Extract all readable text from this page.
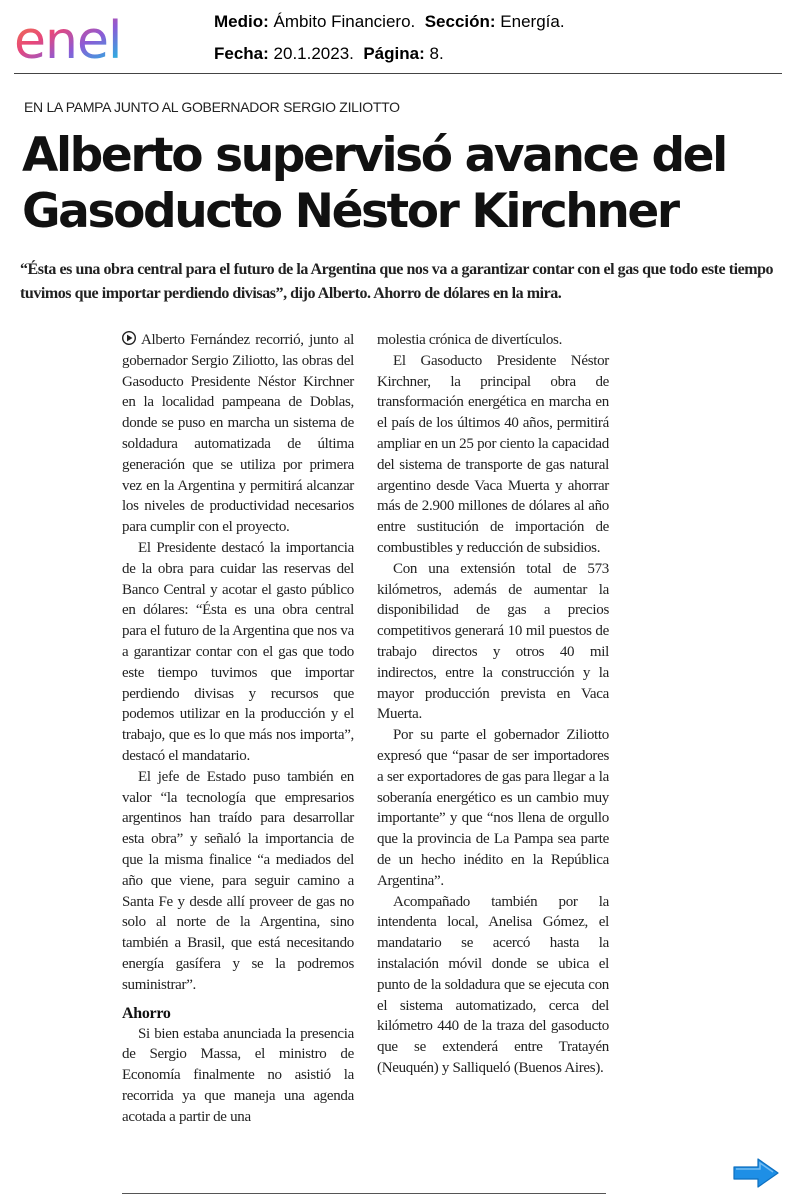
enel	Medio: Ámbito Financiero. Sección: Energía.
Fecha: 20.1.2023. Página: 8.
EN LA PAMPA JUNTO AL GOBERNADOR SERGIO ZILIOTTO
Alberto supervisó avance del
Gasoducto Néstor Kirchner

“Ésta es una obra central para el futuro de la Argentina que nos va a garantizar contar con el gas que todo este tiempo tuvimos que importar perdiendo divisas”, dijo Alberto. Ahorro de dólares en la mira.

Alberto Fernández recorrió, junto al gobernador Sergio Ziliotto, las obras del Gasoducto Presidente Néstor Kirchner en la localidad pampeana de Doblas, donde se puso en marcha un sistema de soldadura automatizada de última generación que se utiliza por primera vez en la Argentina y permitirá alcanzar los niveles de productividad necesarios para cumplir con el proyecto.

El Presidente destacó la importancia de la obra para cuidar las reservas del Banco Central y acotar el gasto público en dólares: “Ésta es una obra central para el futuro de la Argentina que nos va a garantizar contar con el gas que todo este tiempo tuvimos que importar perdiendo divisas y recursos que podemos utilizar en la producción y el trabajo, que es lo que más nos importa”, destacó el mandatario.

El jefe de Estado puso también en valor “la tecnología que empresarios argentinos han traído para desarrollar esta obra” y señaló la importancia de que la misma finalice “a mediados del año que viene, para seguir camino a Santa Fe y desde allí proveer de gas no solo al norte de la Argentina, sino también a Brasil, que está necesitando energía gasífera y se la podremos suministrar”.

Ahorro

Si bien estaba anunciada la presencia de Sergio Massa, el ministro de Economía finalmente no asistió la recorrida ya que maneja una agenda acotada a partir de una

molestia crónica de divertículos.

El Gasoducto Presidente Néstor Kirchner, la principal obra de transformación energética en marcha en el país de los últimos 40 años, permitirá ampliar en un 25 por ciento la capacidad del sistema de transporte de gas natural argentino desde Vaca Muerta y ahorrar más de 2.900 millones de dólares al año entre sustitución de importación de combustibles y reducción de subsidios.

Con una extensión total de 573 kilómetros, además de aumentar la disponibilidad de gas a precios competitivos generará 10 mil puestos de trabajo directos y otros 40 mil indirectos, entre la construcción y la mayor producción prevista en Vaca Muerta.

Por su parte el gobernador Ziliotto expresó que “pasar de ser importadores a ser exportadores de gas para llegar a la soberanía energético es un cambio muy importante” y que “nos llena de orgullo que la provincia de La Pampa sea parte de un hecho inédito en la República Argentina”.

Acompañado también por la intendenta local, Anelisa Gómez, el mandatario se acercó hasta la instalación móvil donde se ubica el punto de la soldadura que se ejecuta con el sistema automatizado, cerca del kilómetro 440 de la traza del gasoducto que se extenderá entre Tratayén (Neuquén) y Salliqueló (Buenos Aires).
